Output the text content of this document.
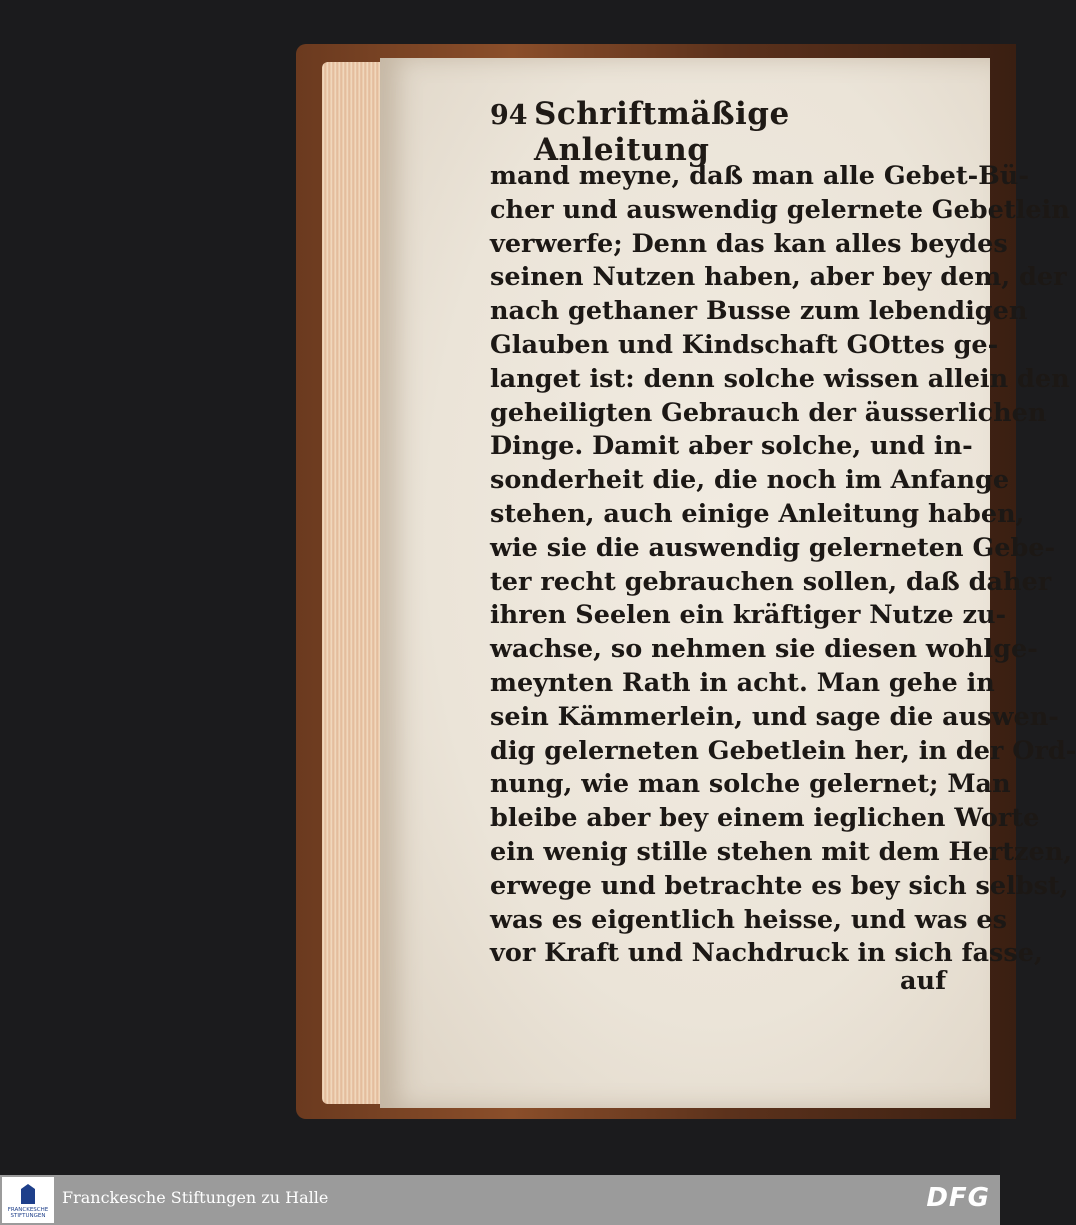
94 Schriftmäßige Anleitung
mand meyne, daß man alle Gebet-Bü-
cher und auswendig gelernete Gebetlein
verwerfe; Denn das kan alles beydes
seinen Nutzen haben, aber bey dem, der
nach gethaner Busse zum lebendigen
Glauben und Kindschaft GOttes ge-
langet ist: denn solche wissen allein den
geheiligten Gebrauch der äusserlichen
Dinge. Damit aber solche, und in-
sonderheit die, die noch im Anfange
stehen, auch einige Anleitung haben,
wie sie die auswendig gelerneten Gebe-
ter recht gebrauchen sollen, daß daher
ihren Seelen ein kräftiger Nutze zu-
wachse, so nehmen sie diesen wohlge-
meynten Rath in acht. Man gehe in
sein Kämmerlein, und sage die auswen-
dig gelerneten Gebetlein her, in der Ord-
nung, wie man solche gelernet; Man
bleibe aber bey einem ieglichen Worte
ein wenig stille stehen mit dem Hertzen,
erwege und betrachte es bey sich selbst,
was es eigentlich heisse, und was es
vor Kraft und Nachdruck in sich fasse,
auf
FRANCKESCHE STIFTUNGEN
Franckesche Stiftungen zu Halle	DFG
